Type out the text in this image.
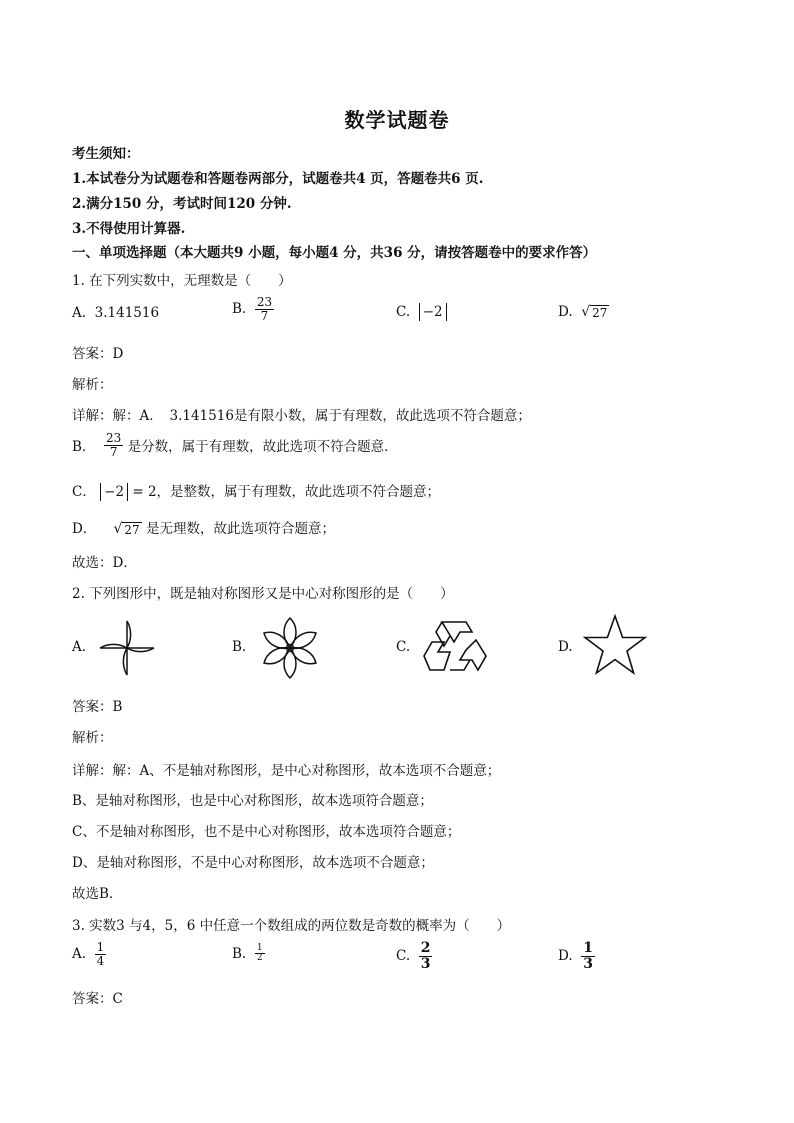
数学试题卷
考生须知：
1.本试卷分为试题卷和答题卷两部分，试题卷共4 页，答题卷共6 页.
2.满分150 分，考试时间120 分钟.
3.不得使用计算器.
一、单项选择题（本大题共9 小题，每小题4 分，共36 分，请按答题卷中的要求作答）
1. 在下列实数中，无理数是（　　）
A. 3.141516	B. $\frac{23}{7}$	C. −2	D. √ 27
答案：D
解析：
详解：解：A．　3.141516是有限小数，属于有理数，故此选项不符合题意；
B． $\frac{23}{7}$ 是分数，属于有理数，故此选项不符合题意．
C． −2 = 2，是整数，属于有理数，故此选项不符合题意；
D． √ 27 是无理数，故此选项符合题意；
故选：D．
2. 下列图形中，既是轴对称图形又是中心对称图形的是（　　）
A.	B.	C.	D.
答案：B
解析：
详解：解：A、不是轴对称图形，是中心对称图形，故本选项不合题意；
B、是轴对称图形，也是中心对称图形，故本选项符合题意；
C、不是轴对称图形，也不是中心对称图形，故本选项符合题意；
D、是轴对称图形，不是中心对称图形，故本选项不合题意；
故选B．
3. 实数3 与4，5，6 中任意一个数组成的两位数是奇数的概率为（　　）
A. $\frac{1}{4}$	B. $\frac{1}{2}$	C. $\frac{2}{3}$	D. $\frac{1}{3}$
答案：C
